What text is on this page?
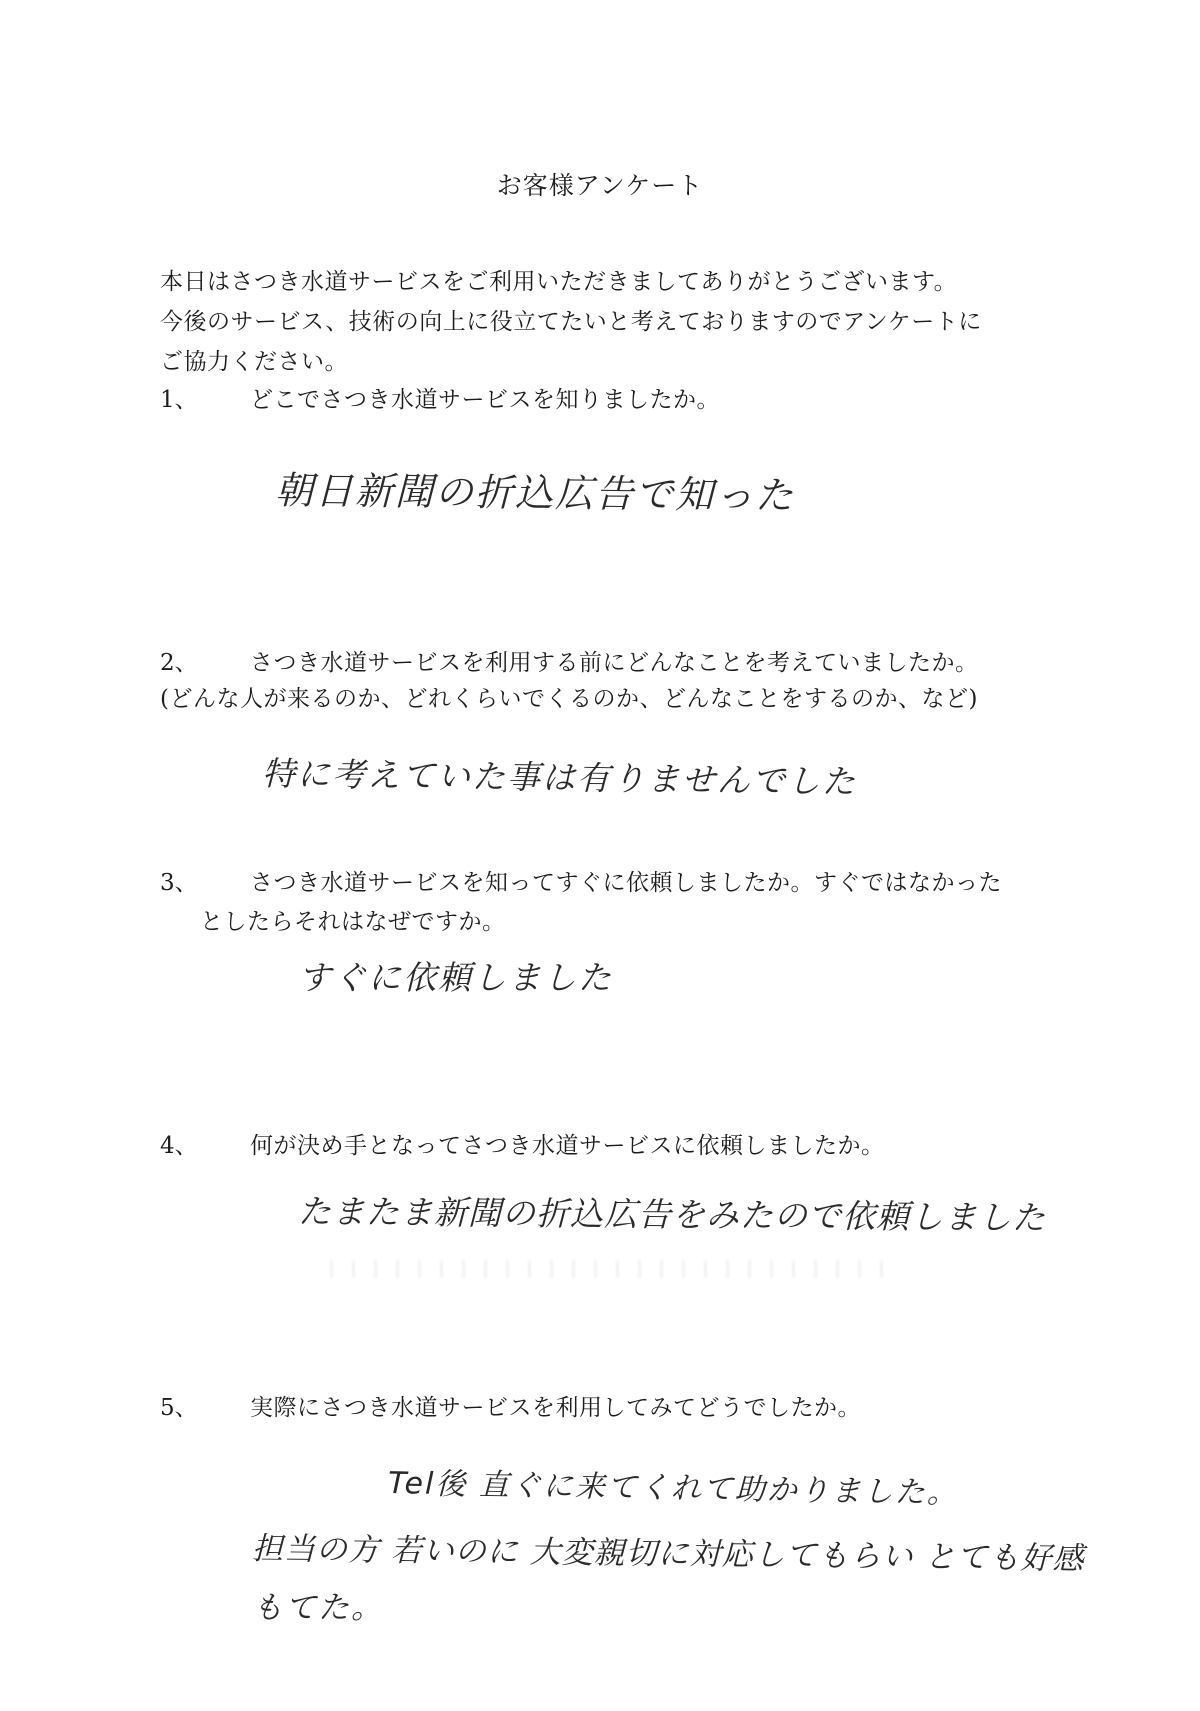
お客様アンケート
本日はさつき水道サービスをご利用いただきましてありがとうございます。
今後のサービス、技術の向上に役立てたいと考えておりますのでアンケートに
ご協力ください。
1、 どこでさつき水道サービスを知りましたか。
朝日新聞の折込広告で知った
2、 さつき水道サービスを利用する前にどんなことを考えていましたか。
(どんな人が来るのか、どれくらいでくるのか、どんなことをするのか、など)
特に考えていた事は有りませんでした
3、 さつき水道サービスを知ってすぐに依頼しましたか。すぐではなかった
としたらそれはなぜですか。
すぐに依頼しました
4、 何が決め手となってさつき水道サービスに依頼しましたか。
たまたま新聞の折込広告をみたので依頼しました
5、 実際にさつき水道サービスを利用してみてどうでしたか。
Tel後 直ぐに来てくれて助かりました。
担当の方 若いのに 大変親切に対応してもらい とても好感
もてた。
